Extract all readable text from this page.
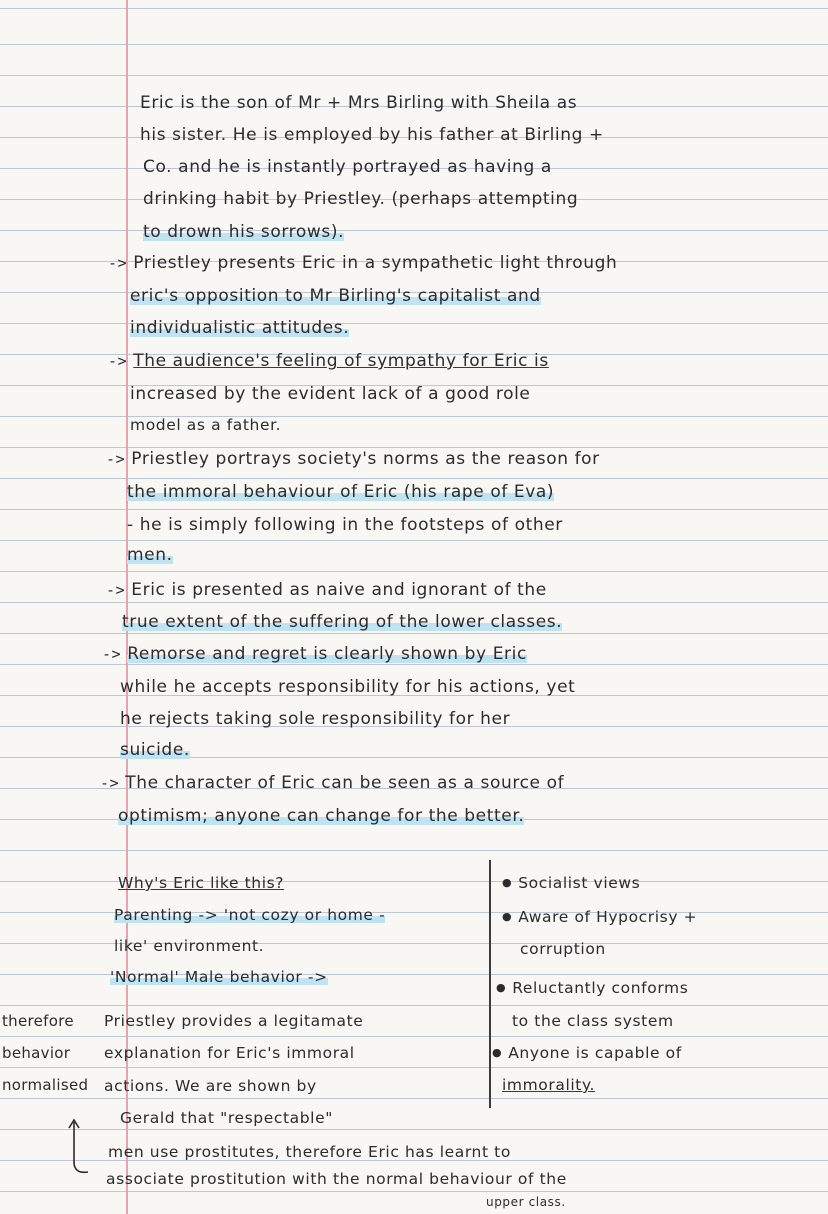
Eric is the son of Mr + Mrs Birling with Sheila as
his sister. He is employed by his father at Birling +
Co. and he is instantly portrayed as having a
drinking habit by Priestley. (perhaps attempting
to drown his sorrows).
-> Priestley presents Eric in a sympathetic light through
eric's opposition to Mr Birling's capitalist and
individualistic attitudes.
-> The audience's feeling of sympathy for Eric is
increased by the evident lack of a good role
model as a father.
-> Priestley portrays society's norms as the reason for
the immoral behaviour of Eric (his rape of Eva)
- he is simply following in the footsteps of other
men.
-> Eric is presented as naive and ignorant of the
true extent of the suffering of the lower classes.
-> Remorse and regret is clearly shown by Eric
while he accepts responsibility for his actions, yet
he rejects taking sole responsibility for her
suicide.
-> The character of Eric can be seen as a source of
optimism; anyone can change for the better.
Why's Eric like this?
Parenting -> 'not cozy or home -
like' environment.
'Normal' Male behavior ->
Priestley provides a legitamate
explanation for Eric's immoral
actions. We are shown by
Gerald that "respectable"
men use prostitutes, therefore Eric has learnt to
associate prostitution with the normal behaviour of the
upper class.
● Socialist views
● Aware of Hypocrisy +
corruption
● Reluctantly conforms
to the class system
● Anyone is capable of
immorality.
therefore
behavior
normalised
